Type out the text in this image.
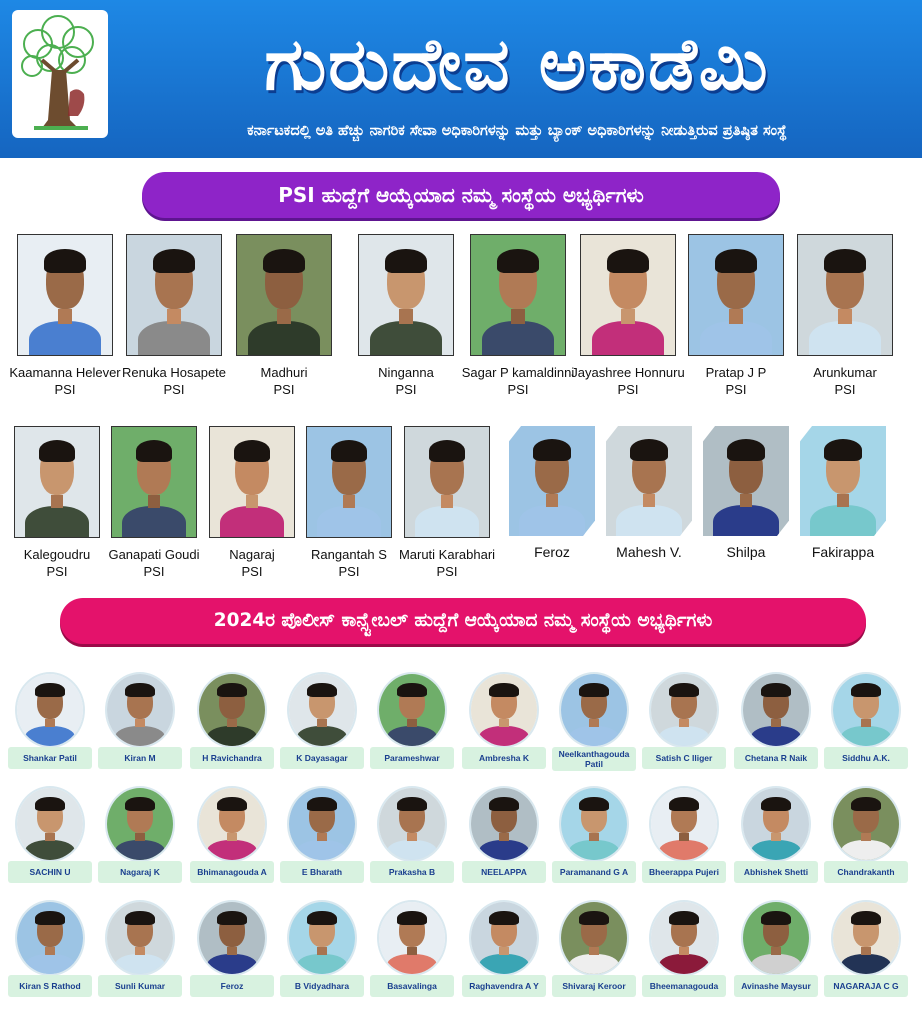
ಗುರುದೇವ ಅಕಾಡೆಮಿ
ಕರ್ನಾಟಕದಲ್ಲಿ ಅತಿ ಹೆಚ್ಚು ನಾಗರಿಕ ಸೇವಾ ಅಧಿಕಾರಿಗಳನ್ನು ಮತ್ತು ಬ್ಯಾಂಕ್ ಅಧಿಕಾರಿಗಳನ್ನು ನೀಡುತ್ತಿರುವ ಪ್ರತಿಷ್ಠಿತ ಸಂಸ್ಥೆ
PSI ಹುದ್ದೆಗೆ ಆಯ್ಕೆಯಾದ ನಮ್ಮ ಸಂಸ್ಥೆಯ ಅಭ್ಯರ್ಥಿಗಳು
Kaamanna Helever
PSI
Renuka Hosapete
PSI
Madhuri
PSI
Ninganna
PSI
Sagar P kamaldinni
PSI
Jayashree Honnuru
PSI
Pratap J P
PSI
Arunkumar
PSI
Kalegoudru
PSI
Ganapati Goudi
PSI
Nagaraj
PSI
Rangantah S
PSI
Maruti Karabhari
PSI
Feroz	Mahesh V.	Shilpa	Fakirappa
2024ರ ಪೊಲೀಸ್ ಕಾನ್ಸ್ಟೇಬಲ್ ಹುದ್ದೆಗೆ ಆಯ್ಕೆಯಾದ ನಮ್ಮ ಸಂಸ್ಥೆಯ ಅಭ್ಯರ್ಥಿಗಳು
Shankar Patil	Kiran M	H Ravichandra	K Dayasagar	Parameshwar	Ambresha K	Neelkanthagouda Patil
Satish C Iliger	Chetana R Naik	Siddhu A.K.
SACHIN U	Nagaraj K	Bhimanagouda A	E Bharath	Prakasha B	NEELAPPA	Paramanand G A	Bheerappa Pujeri	Abhishek Shetti	Chandrakanth
Kiran S Rathod	Sunli Kumar	Feroz	B Vidyadhara	Basavalinga	Raghavendra A Y	Shivaraj Keroor	Bheemanagouda	Avinashe Maysur	NAGARAJA C G
